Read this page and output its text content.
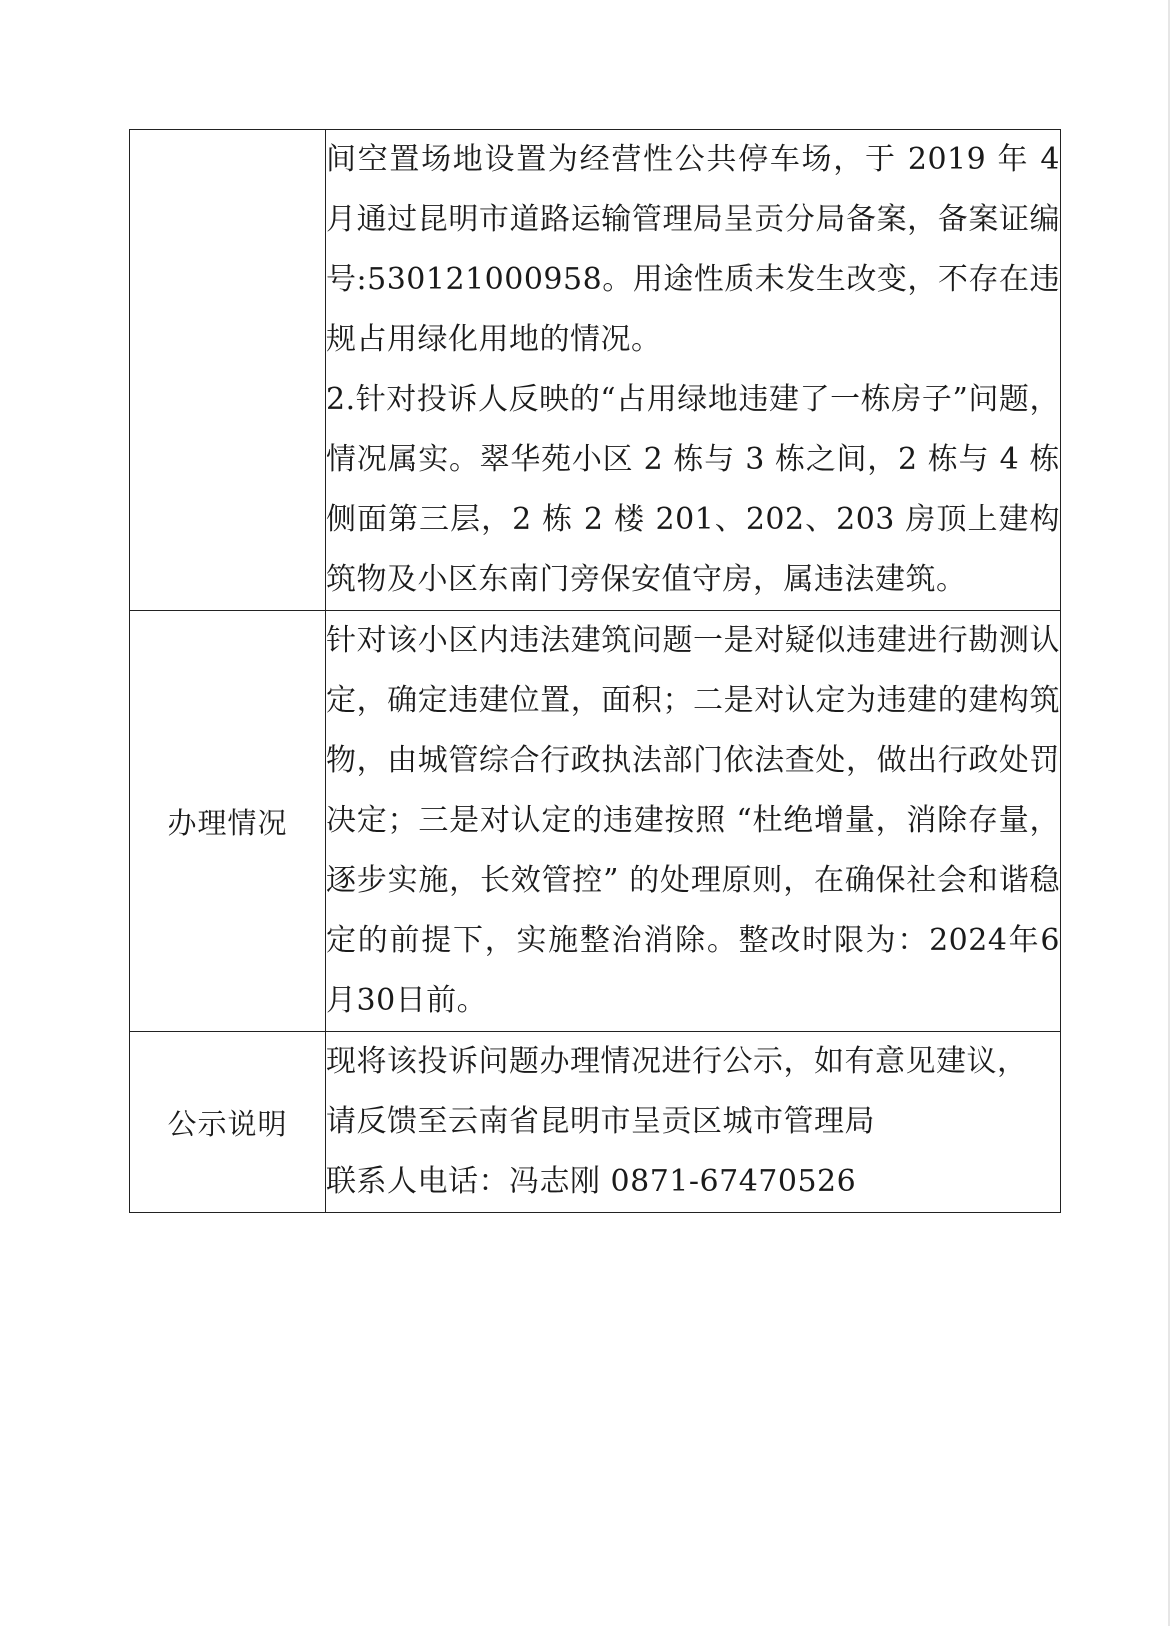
	间空置场地设置为经营性公共停车场，于 2019 年 4 月通过昆明市道路运输管理局呈贡分局备案，备案证编号:530121000958。用途性质未发生改变，不存在违规占用绿化用地的情况。

2.针对投诉人反映的“占用绿地违建了一栋房子”问题，情况属实。翠华苑小区 2 栋与 3 栋之间，2 栋与 4 栋侧面第三层，2 栋 2 楼 201、202、203 房顶上建构筑物及小区东南门旁保安值守房，属违法建筑。

办理情况	针对该小区内违法建筑问题一是对疑似违建进行勘测认定，确定违建位置，面积；二是对认定为违建的建构筑物，由城管综合行政执法部门依法查处，做出行政处罚决定；三是对认定的违建按照 “杜绝增量，消除存量，逐步实施，长效管控” 的处理原则，在确保社会和谐稳定的前提下，实施整治消除。整改时限为：2024年6月30日前。

公示说明	现将该投诉问题办理情况进行公示，如有意见建议，

请反馈至云南省昆明市呈贡区城市管理局

联系人电话：冯志刚 0871-67470526
